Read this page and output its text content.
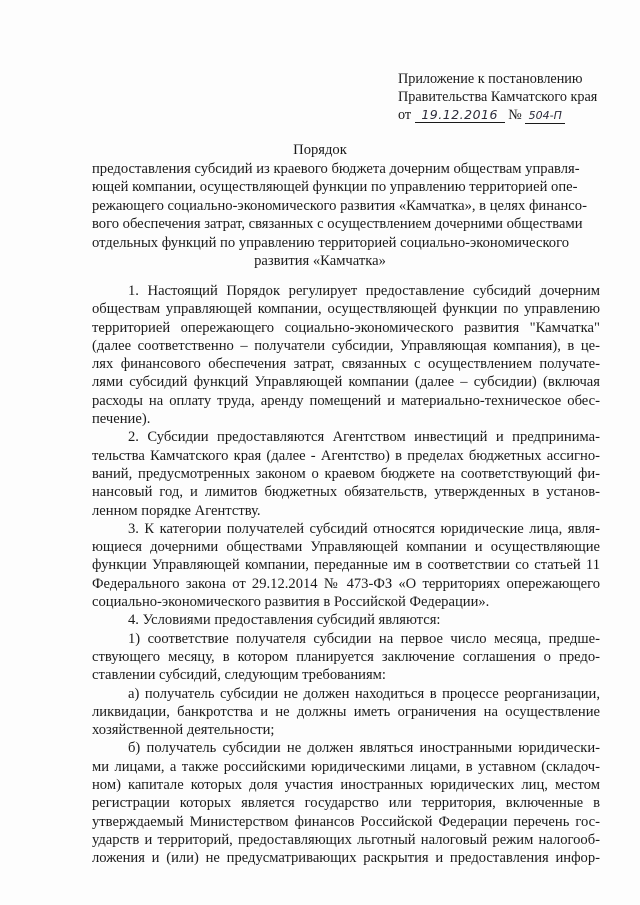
Приложение к постановлению
Правительства Камчатского края
от 19.12.2016 № 504-П
Порядок
предоставления субсидий из краевого бюджета дочерним обществам управля-
ющей компании, осуществляющей функции по управлению территорией опе-
режающего социально-экономического развития «Камчатка», в целях финансо-
вого обеспечения затрат, связанных с осуществлением дочерними обществами
отдельных функций по управлению территорией социально-экономического
развития «Камчатка»
1. Настоящий Порядок регулирует предоставление субсидий дочерним
обществам управляющей компании, осуществляющей функции по управлению
территорией опережающего социально-экономического развития "Камчатка"
(далее соответственно – получатели субсидии, Управляющая компания), в це-
лях финансового обеспечения затрат, связанных с осуществлением получате-
лями субсидий функций Управляющей компании (далее – субсидии) (включая
расходы на оплату труда, аренду помещений и материально-техническое обес-
печение).
2. Субсидии предоставляются Агентством инвестиций и предпринима-
тельства Камчатского края (далее - Агентство) в пределах бюджетных ассигно-
ваний, предусмотренных законом о краевом бюджете на соответствующий фи-
нансовый год, и лимитов бюджетных обязательств, утвержденных в установ-
ленном порядке Агентству.
3. К категории получателей субсидий относятся юридические лица, явля-
ющиеся дочерними обществами Управляющей компании и осуществляющие
функции Управляющей компании, переданные им в соответствии со статьей 11
Федерального закона от 29.12.2014 № 473-ФЗ «О территориях опережающего
социально-экономического развития в Российской Федерации».
4. Условиями предоставления субсидий являются:
1) соответствие получателя субсидии на первое число месяца, предше-
ствующего месяцу, в котором планируется заключение соглашения о предо-
ставлении субсидий, следующим требованиям:
а) получатель субсидии не должен находиться в процессе реорганизации,
ликвидации, банкротства и не должны иметь ограничения на осуществление
хозяйственной деятельности;
б) получатель субсидии не должен являться иностранными юридически-
ми лицами, а также российскими юридическими лицами, в уставном (складоч-
ном) капитале которых доля участия иностранных юридических лиц, местом
регистрации которых является государство или территория, включенные в
утверждаемый Министерством финансов Российской Федерации перечень гос-
ударств и территорий, предоставляющих льготный налоговый режим налогооб-
ложения и (или) не предусматривающих раскрытия и предоставления инфор-
